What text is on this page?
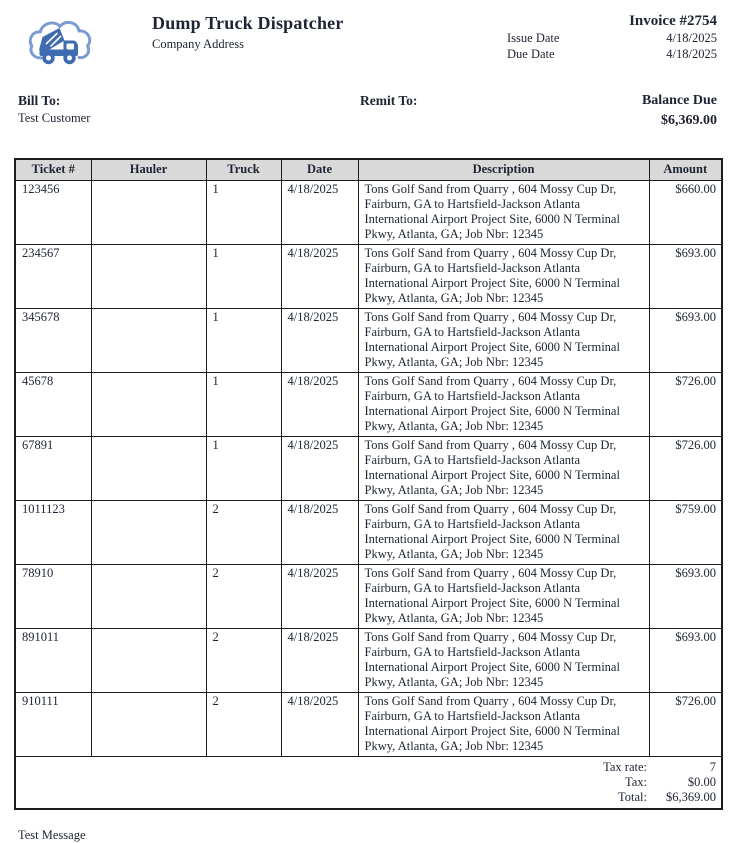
Dump Truck Dispatcher
Company Address
Invoice #2754
Issue Date	4/18/2025
Due Date	4/18/2025
Bill To:
Test Customer
Remit To:	Balance Due
$6,369.00
Ticket #	Hauler	Truck	Date	Description	Amount
123456		1	4/18/2025	Tons Golf Sand from Quarry , 604 Mossy Cup Dr, Fairburn, GA to Hartsfield-Jackson Atlanta International Airport Project Site, 6000 N Terminal Pkwy, Atlanta, GA; Job Nbr: 12345	$660.00
234567		1	4/18/2025	Tons Golf Sand from Quarry , 604 Mossy Cup Dr, Fairburn, GA to Hartsfield-Jackson Atlanta International Airport Project Site, 6000 N Terminal Pkwy, Atlanta, GA; Job Nbr: 12345	$693.00
345678		1	4/18/2025	Tons Golf Sand from Quarry , 604 Mossy Cup Dr, Fairburn, GA to Hartsfield-Jackson Atlanta International Airport Project Site, 6000 N Terminal Pkwy, Atlanta, GA; Job Nbr: 12345	$693.00
45678		1	4/18/2025	Tons Golf Sand from Quarry , 604 Mossy Cup Dr, Fairburn, GA to Hartsfield-Jackson Atlanta International Airport Project Site, 6000 N Terminal Pkwy, Atlanta, GA; Job Nbr: 12345	$726.00
67891		1	4/18/2025	Tons Golf Sand from Quarry , 604 Mossy Cup Dr, Fairburn, GA to Hartsfield-Jackson Atlanta International Airport Project Site, 6000 N Terminal Pkwy, Atlanta, GA; Job Nbr: 12345	$726.00
1011123		2	4/18/2025	Tons Golf Sand from Quarry , 604 Mossy Cup Dr, Fairburn, GA to Hartsfield-Jackson Atlanta International Airport Project Site, 6000 N Terminal Pkwy, Atlanta, GA; Job Nbr: 12345	$759.00
78910		2	4/18/2025	Tons Golf Sand from Quarry , 604 Mossy Cup Dr, Fairburn, GA to Hartsfield-Jackson Atlanta International Airport Project Site, 6000 N Terminal Pkwy, Atlanta, GA; Job Nbr: 12345	$693.00
891011		2	4/18/2025	Tons Golf Sand from Quarry , 604 Mossy Cup Dr, Fairburn, GA to Hartsfield-Jackson Atlanta International Airport Project Site, 6000 N Terminal Pkwy, Atlanta, GA; Job Nbr: 12345	$693.00
910111		2	4/18/2025	Tons Golf Sand from Quarry , 604 Mossy Cup Dr, Fairburn, GA to Hartsfield-Jackson Atlanta International Airport Project Site, 6000 N Terminal Pkwy, Atlanta, GA; Job Nbr: 12345	$726.00
Tax rate:					7
Tax:					$0.00
Total:					$6,369.00
Test Message
